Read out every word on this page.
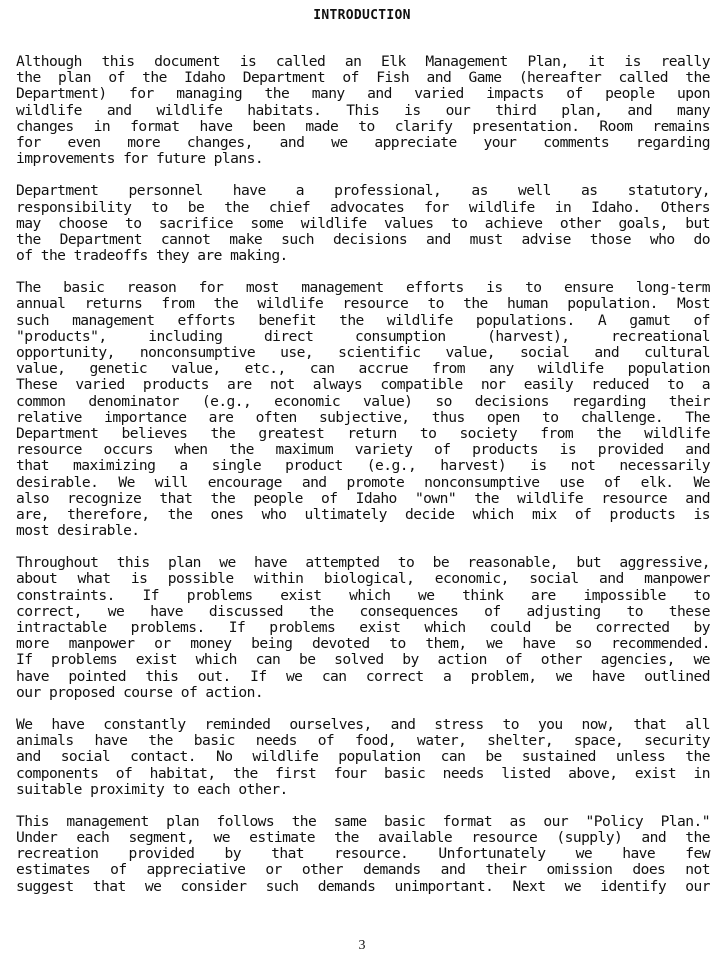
INTRODUCTION
Although this document is called an Elk Management Plan, it is really
the plan of the Idaho Department of Fish and Game (hereafter called the
Department) for managing the many and varied impacts of people upon
wildlife and wildlife habitats. This is our third plan, and many
changes in format have been made to clarify presentation. Room remains
for even more changes, and we appreciate your comments regarding
improvements for future plans.
Department personnel have a professional, as well as statutory,
responsibility to be the chief advocates for wildlife in Idaho. Others
may choose to sacrifice some wildlife values to achieve other goals, but
the Department cannot make such decisions and must advise those who do
of the tradeoffs they are making.
The basic reason for most management efforts is to ensure long-term
annual returns from the wildlife resource to the human population. Most
such management efforts benefit the wildlife populations. A gamut of
"products", including direct consumption (harvest), recreational
opportunity, nonconsumptive use, scientific value, social and cultural
value, genetic value, etc., can accrue from any wildlife population
These varied products are not always compatible nor easily reduced to a
common denominator (e.g., economic value) so decisions regarding their
relative importance are often subjective, thus open to challenge. The
Department believes the greatest return to society from the wildlife
resource occurs when the maximum variety of products is provided and
that maximizing a single product (e.g., harvest) is not necessarily
desirable. We will encourage and promote nonconsumptive use of elk. We
also recognize that the people of Idaho "own" the wildlife resource and
are, therefore, the ones who ultimately decide which mix of products is
most desirable.
Throughout this plan we have attempted to be reasonable, but aggressive,
about what is possible within biological, economic, social and manpower
constraints. If problems exist which we think are impossible to
correct, we have discussed the consequences of adjusting to these
intractable problems. If problems exist which could be corrected by
more manpower or money being devoted to them, we have so recommended.
If problems exist which can be solved by action of other agencies, we
have pointed this out. If we can correct a problem, we have outlined
our proposed course of action.
We have constantly reminded ourselves, and stress to you now, that all
animals have the basic needs of food, water, shelter, space, security
and social contact. No wildlife population can be sustained unless the
components of habitat, the first four basic needs listed above, exist in
suitable proximity to each other.
This management plan follows the same basic format as our "Policy Plan."
Under each segment, we estimate the available resource (supply) and the
recreation provided by that resource. Unfortunately we have few
estimates of appreciative or other demands and their omission does not
suggest that we consider such demands unimportant. Next we identify our
3
